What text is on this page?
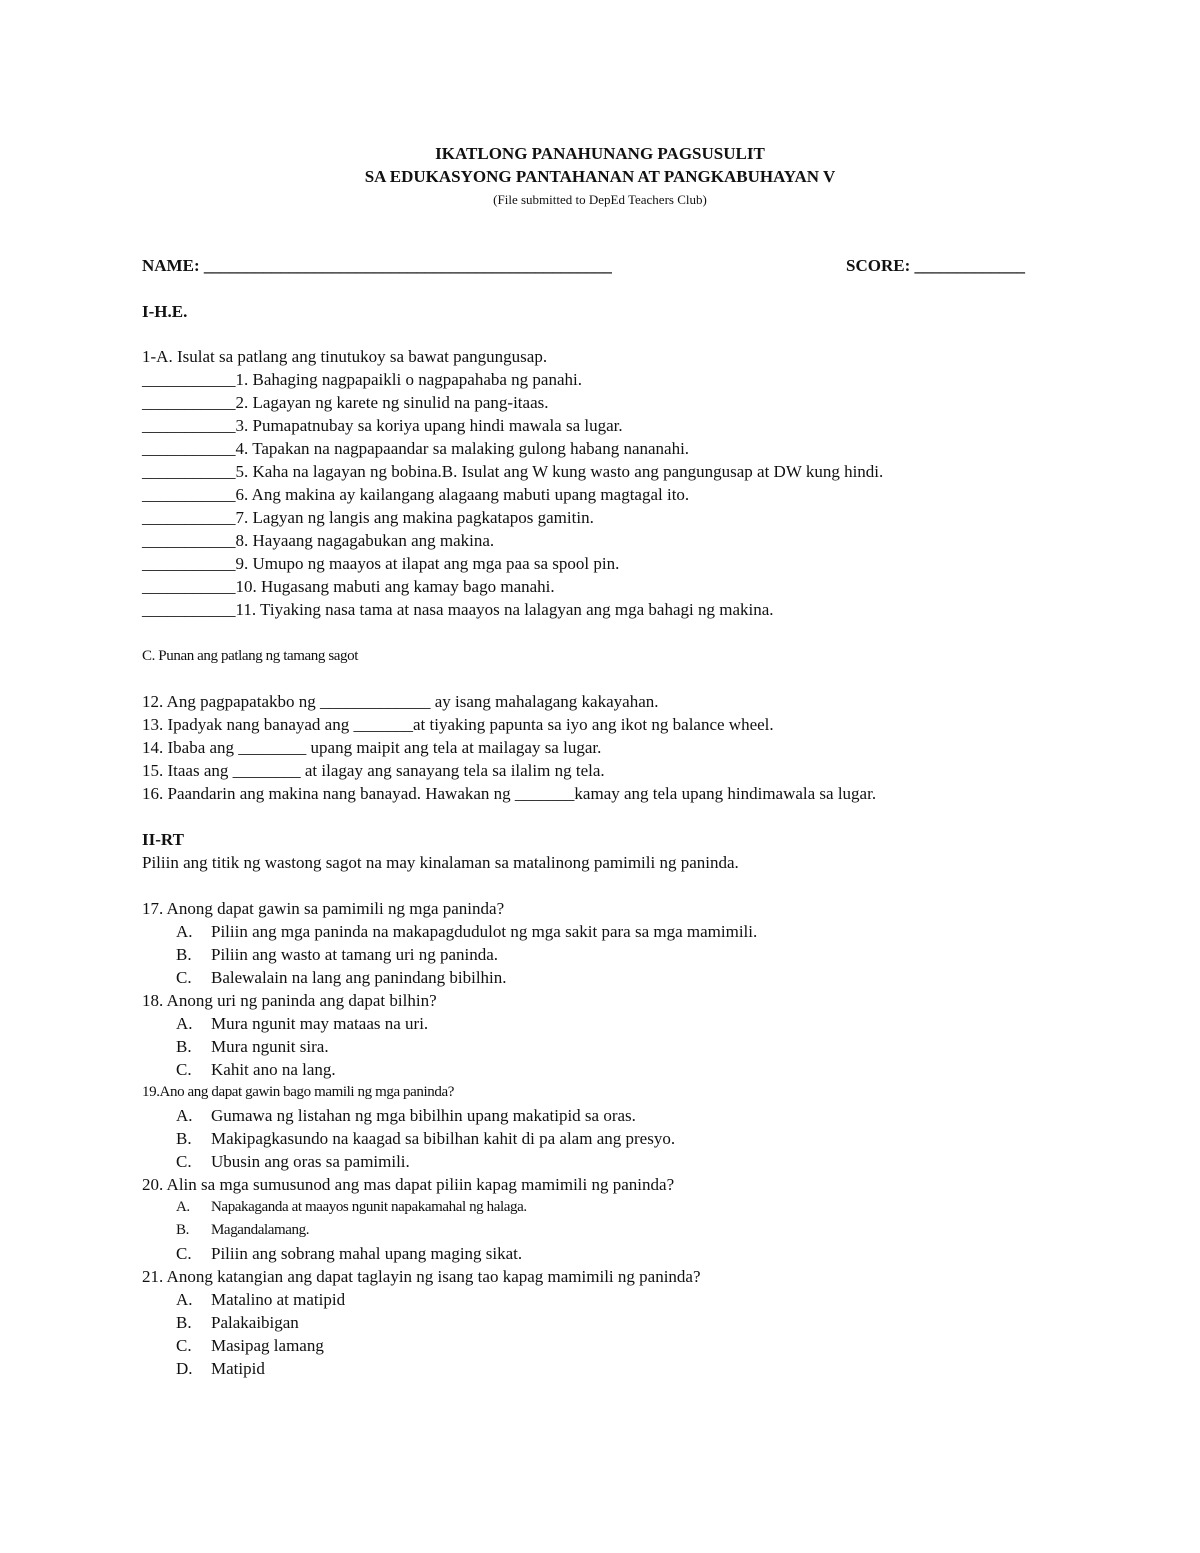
IKATLONG PANAHUNANG PAGSUSULIT
SA EDUKASYONG PANTAHANAN AT PANGKABUHAYAN V
(File submitted to DepEd Teachers Club)
NAME: ________________________________________________	SCORE: _____________
I-H.E.
1-A. Isulat sa patlang ang tinutukoy sa bawat pangungusap.
___________1. Bahaging nagpapaikli o nagpapahaba ng panahi.
___________2. Lagayan ng karete ng sinulid na pang-itaas.
___________3. Pumapatnubay sa koriya upang hindi mawala sa lugar.
___________4. Tapakan na nagpapaandar sa malaking gulong habang nananahi.
___________5. Kaha na lagayan ng bobina.B. Isulat ang W kung wasto ang pangungusap at DW kung hindi.
___________6. Ang makina ay kailangang alagaang mabuti upang magtagal ito.
___________7. Lagyan ng langis ang makina pagkatapos gamitin.
___________8. Hayaang nagagabukan ang makina.
___________9. Umupo ng maayos at ilapat ang mga paa sa spool pin.
___________10. Hugasang mabuti ang kamay bago manahi.
___________11. Tiyaking nasa tama at nasa maayos na lalagyan ang mga bahagi ng makina.
C. Punan ang patlang ng tamang sagot
12. Ang pagpapatakbo ng _____________ ay isang mahalagang kakayahan.
13. Ipadyak nang banayad ang _______at tiyaking papunta sa iyo ang ikot ng balance wheel.
14. Ibaba ang ________ upang maipit ang tela at mailagay sa lugar.
15. Itaas ang ________ at ilagay ang sanayang tela sa ilalim ng tela.
16. Paandarin ang makina nang banayad. Hawakan ng _______kamay ang tela upang hindimawala sa lugar.
II-RT
Piliin ang titik ng wastong sagot na may kinalaman sa matalinong pamimili ng paninda.
17. Anong dapat gawin sa pamimili ng mga paninda?
A. Piliin ang mga paninda na makapagdudulot ng mga sakit para sa mga mamimili.
B. Piliin ang wasto at tamang uri ng paninda.
C. Balewalain na lang ang panindang bibilhin.
18. Anong uri ng paninda ang dapat bilhin?
A. Mura ngunit may mataas na uri.
B. Mura ngunit sira.
C. Kahit ano na lang.
19.Ano ang dapat gawin bago mamili ng mga paninda?
A. Gumawa ng listahan ng mga bibilhin upang makatipid sa oras.
B. Makipagkasundo na kaagad sa bibilhan kahit di pa alam ang presyo.
C. Ubusin ang oras sa pamimili.
20. Alin sa mga sumusunod ang mas dapat piliin kapag mamimili ng paninda?
A. Napakaganda at maayos ngunit napakamahal ng halaga.
B. Magandalamang.
C. Piliin ang sobrang mahal upang maging sikat.
21. Anong katangian ang dapat taglayin ng isang tao kapag mamimili ng paninda?
A. Matalino at matipid
B. Palakaibigan
C. Masipag lamang
D. Matipid
